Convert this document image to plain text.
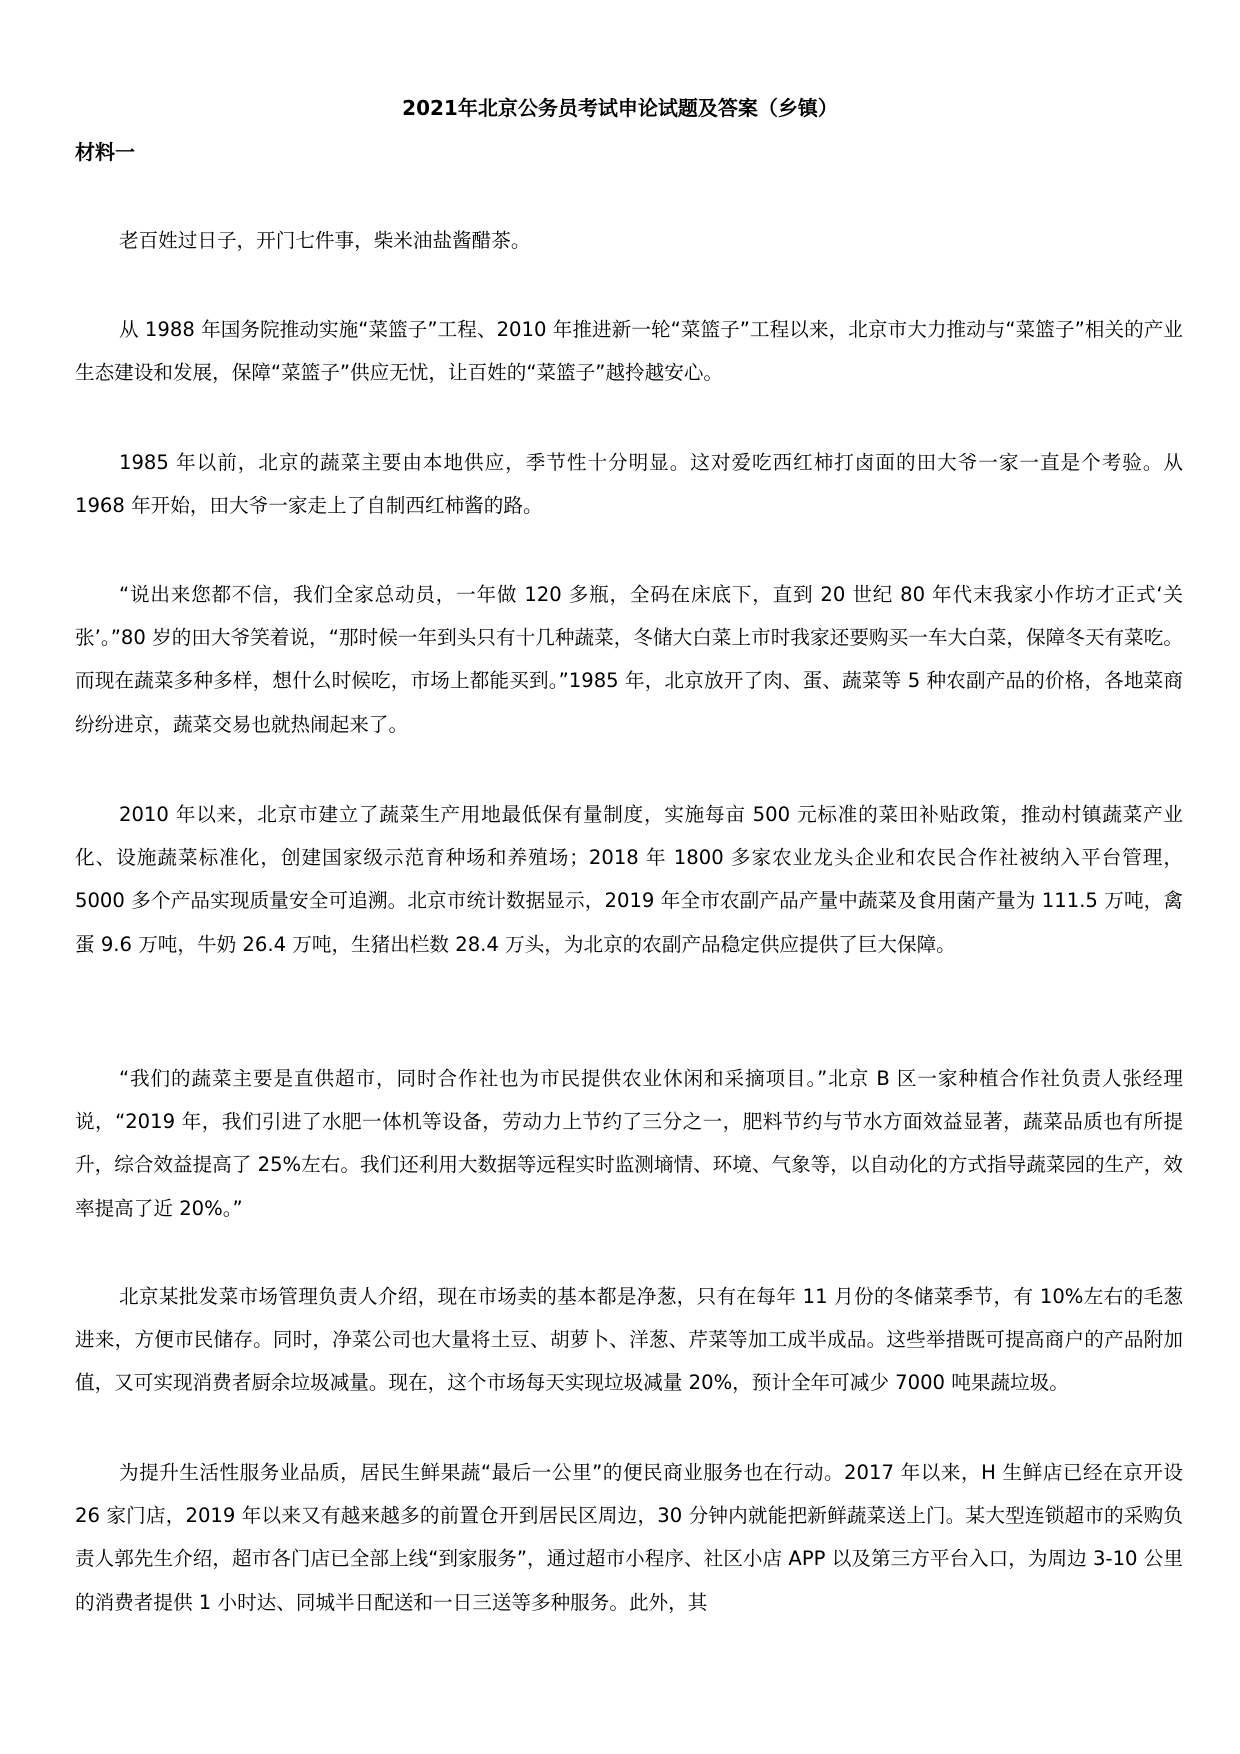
2021年北京公务员考试申论试题及答案（乡镇）
材料一

老百姓过日子，开门七件事，柴米油盐酱醋茶。

从 1988 年国务院推动实施“菜篮子”工程、2010 年推进新一轮“菜篮子”工程以来，北京市大力推动与“菜篮子”相关的产业生态建设和发展，保障“菜篮子”供应无忧，让百姓的“菜篮子”越拎越安心。

1985 年以前，北京的蔬菜主要由本地供应，季节性十分明显。这对爱吃西红柿打卤面的田大爷一家一直是个考验。从 1968 年开始，田大爷一家走上了自制西红柿酱的路。

“说出来您都不信，我们全家总动员，一年做 120 多瓶，全码在床底下，直到 20 世纪 80 年代末我家小作坊才正式‘关张’。”80 岁的田大爷笑着说，“那时候一年到头只有十几种蔬菜，冬储大白菜上市时我家还要购买一车大白菜，保障冬天有菜吃。而现在蔬菜多种多样，想什么时候吃，市场上都能买到。”1985 年，北京放开了肉、蛋、蔬菜等 5 种农副产品的价格，各地菜商纷纷进京，蔬菜交易也就热闹起来了。

2010 年以来，北京市建立了蔬菜生产用地最低保有量制度，实施每亩 500 元标准的菜田补贴政策，推动村镇蔬菜产业化、设施蔬菜标准化，创建国家级示范育种场和养殖场；2018 年 1800 多家农业龙头企业和农民合作社被纳入平台管理，5000 多个产品实现质量安全可追溯。北京市统计数据显示，2019 年全市农副产品产量中蔬菜及食用菌产量为 111.5 万吨，禽蛋 9.6 万吨，牛奶 26.4 万吨，生猪出栏数 28.4 万头，为北京的农副产品稳定供应提供了巨大保障。

“我们的蔬菜主要是直供超市，同时合作社也为市民提供农业休闲和采摘项目。”北京 B 区一家种植合作社负责人张经理说，“2019 年，我们引进了水肥一体机等设备，劳动力上节约了三分之一，肥料节约与节水方面效益显著，蔬菜品质也有所提升，综合效益提高了 25%左右。我们还利用大数据等远程实时监测墒情、环境、气象等，以自动化的方式指导蔬菜园的生产，效率提高了近 20%。”

北京某批发菜市场管理负责人介绍，现在市场卖的基本都是净葱，只有在每年 11 月份的冬储菜季节，有 10%左右的毛葱进来，方便市民储存。同时，净菜公司也大量将土豆、胡萝卜、洋葱、芹菜等加工成半成品。这些举措既可提高商户的产品附加值，又可实现消费者厨余垃圾减量。现在，这个市场每天实现垃圾减量 20%，预计全年可减少 7000 吨果蔬垃圾。

为提升生活性服务业品质，居民生鲜果蔬“最后一公里”的便民商业服务也在行动。2017 年以来，H 生鲜店已经在京开设 26 家门店，2019 年以来又有越来越多的前置仓开到居民区周边，30 分钟内就能把新鲜蔬菜送上门。某大型连锁超市的采购负责人郭先生介绍，超市各门店已全部上线“到家服务”，通过超市小程序、社区小店 APP 以及第三方平台入口，为周边 3-10 公里的消费者提供 1 小时达、同城半日配送和一日三送等多种服务。此外，其
